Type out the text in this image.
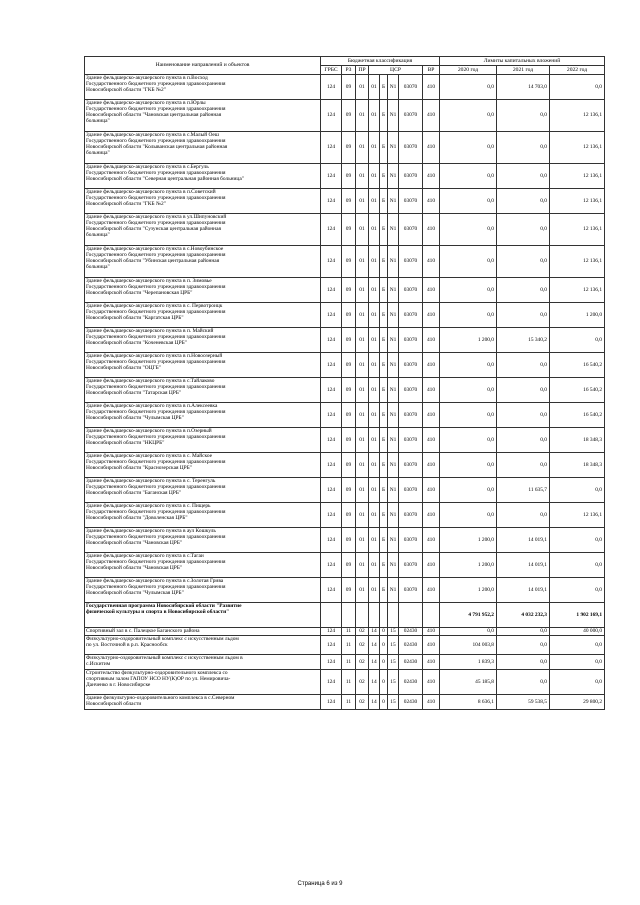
Наименование направлений и объектов	Бюджетная классификация								Лимиты капитальных вложений		
	ГРБС	РЗ	ПР	ЦСР				ВР	2020 год	2021 год	2022 год
Здание фельдшерско-акушерского пункта в п.Восход
Государственного бюджетного учреждения здравоохранения
Новосибирской области "ГКБ №2"	124	09	01	01	Б	N1	03070	410	0,0	14 703,0	0,0
Здание фельдшерско-акушерского пункта в п.Юрлы
Государственного бюджетного учреждения здравоохранения
Новосибирской области "Чановская центральная районная
больница"	124	09	01	01	Б	N1	03070	410	0,0	0,0	12 136,1
Здание фельдшерско-акушерского пункта в с.Малый Оеш
Государственного бюджетного учреждения здравоохранения
Новосибирской области "Колыванская центральная районная
больница"	124	09	01	01	Б	N1	03070	410	0,0	0,0	12 136,1
Здание фельдшерско-акушерского пункта в с.Бергуль
Государственного бюджетного учреждения здравоохранения
Новосибирской области "Северная центральная районная больница"	124	09	01	01	Б	N1	03070	410	0,0	0,0	12 136,1
Здание фельдшерско-акушерского пункта в п.Советский
Государственного бюджетного учреждения здравоохранения
Новосибирской области "ГКБ №2"	124	09	01	01	Б	N1	03070	410	0,0	0,0	12 136,1
Здание фельдшерско-акушерского пункта в ул.Шипуновский
Государственного бюджетного учреждения здравоохранения
Новосибирской области "Сузунская центральная районная
больница"	124	09	01	01	Б	N1	03070	410	0,0	0,0	12 136,1
Здание фельдшерско-акушерского пункта в с.Новоубинское
Государственного бюджетного учреждения здравоохранения
Новосибирской области "Убинская центральная районная
больница"	124	09	01	01	Б	N1	03070	410	0,0	0,0	12 136,1
Здание фельдшерско-акушерского пункта в п. Зимовье
Государственного бюджетного учреждения здравоохранения
Новосибирской области "Черепановская ЦРБ"	124	09	01	01	Б	N1	03070	410	0,0	0,0	12 136,1
Здание фельдшерско-акушерского пункта в с. Первотроицк
Государственного бюджетного учреждения здравоохранения
Новосибирской области "Каргатская ЦРБ"	124	09	01	01	Б	N1	03070	410	0,0	0,0	1 200,0
Здание фельдшерско-акушерского пункта в п. Майский
Государственного бюджетного учреждения здравоохранения
Новосибирской области "Коченевская ЦРБ"	124	09	01	01	Б	N1	03070	410	1 200,0	15 340,2	0,0
Здание фельдшерско-акушерского пункта в п.Новоозерный
Государственного бюджетного учреждения здравоохранения
Новосибирской области "ОЦГБ"	124	09	01	01	Б	N1	03070	410	0,0	0,0	16 540,2
Здание фельдшерско-акушерского пункта в с.Тайлаково
Государственного бюджетного учреждения здравоохранения
Новосибирской области "Татарская ЦРБ"	124	09	01	01	Б	N1	03070	410	0,0	0,0	16 540,2
Здание фельдшерско-акушерского пункта в п.Алексеевка
Государственного бюджетного учреждения здравоохранения
Новосибирской области "Чулымская ЦРБ"	124	09	01	01	Б	N1	03070	410	0,0	0,0	16 540,2
Здание фельдшерско-акушерского пункта в п.Озерный
Государственного бюджетного учреждения здравоохранения
Новосибирской области "НКЦРБ"	124	09	01	01	Б	N1	03070	410	0,0	0,0	18 348,3
Здание фельдшерско-акушерского пункта в с. Майское
Государственного бюджетного учреждения здравоохранения
Новосибирской области "Краснозерская ЦРБ"	124	09	01	01	Б	N1	03070	410	0,0	0,0	18 348,3
Здание фельдшерско-акушерского пункта в с. Теренгуль
Государственного бюджетного учреждения здравоохранения
Новосибирской области "Баганская ЦРБ"	124	09	01	01	Б	N1	03070	410	0,0	11 635,7	0,0
Здание фельдшерско-акушерского пункта в с. Пищерь
Государственного бюджетного учреждения здравоохранения
Новосибирской области "Доволенская ЦРБ"	124	09	01	01	Б	N1	03070	410	0,0	0,0	12 136,1
Здание фельдшерско-акушерского пункта в аул Кошкуль
Государственного бюджетного учреждения здравоохранения
Новосибирской области "Чановская ЦРБ"	124	09	01	01	Б	N1	03070	410	1 200,0	14 019,1	0,0
Здание фельдшерско-акушерского пункта в с.Тагаи
Государственного бюджетного учреждения здравоохранения
Новосибирской области "Чановская ЦРБ"	124	09	01	01	Б	N1	03070	410	1 200,0	14 019,1	0,0
Здание фельдшерско-акушерского пункта в с.Золотая Грива
Государственного бюджетного учреждения здравоохранения
Новосибирской области "Чулымская ЦРБ"	124	09	01	01	Б	N1	03070	410	1 200,0	14 019,1	0,0
Государственная программа Новосибирской области "Развитие
физической культуры и спорта в Новосибирской области"									4 791 952,2	4 032 232,3	1 902 169,1
Спортивный зал в с. Палецкое Баганского района	124	11	02	14	0	15	02430	410	0,0	0,0	40 000,0
Физкультурно-оздоровительный комплекс с искусственным льдом
по ул. Восточной в р.п. Краснообск	124	11	02	14	0	15	02430	410	104 003,8	0,0	0,0
Физкультурно-оздоровительный комплекс с искусственным льдом в
с.Искитим	124	11	02	14	0	15	02430	410	1 839,3	0,0	0,0
Строительство физкультурно-оздоровительного комплекса со
спортивным залом ГАПОУ НСО НУ(К)ОР по ул. Немировича-
Данченко в г. Новосибирске	124	11	02	14	0	15	02430	410	45 185,8	0,0	0,0
Здание физкультурно-оздоровительного комплекса в с.Северном
Новосибирской области	124	11	02	14	0	15	02430	410	8 636,1	59 538,5	29 800,2
Страница 6 из 9
